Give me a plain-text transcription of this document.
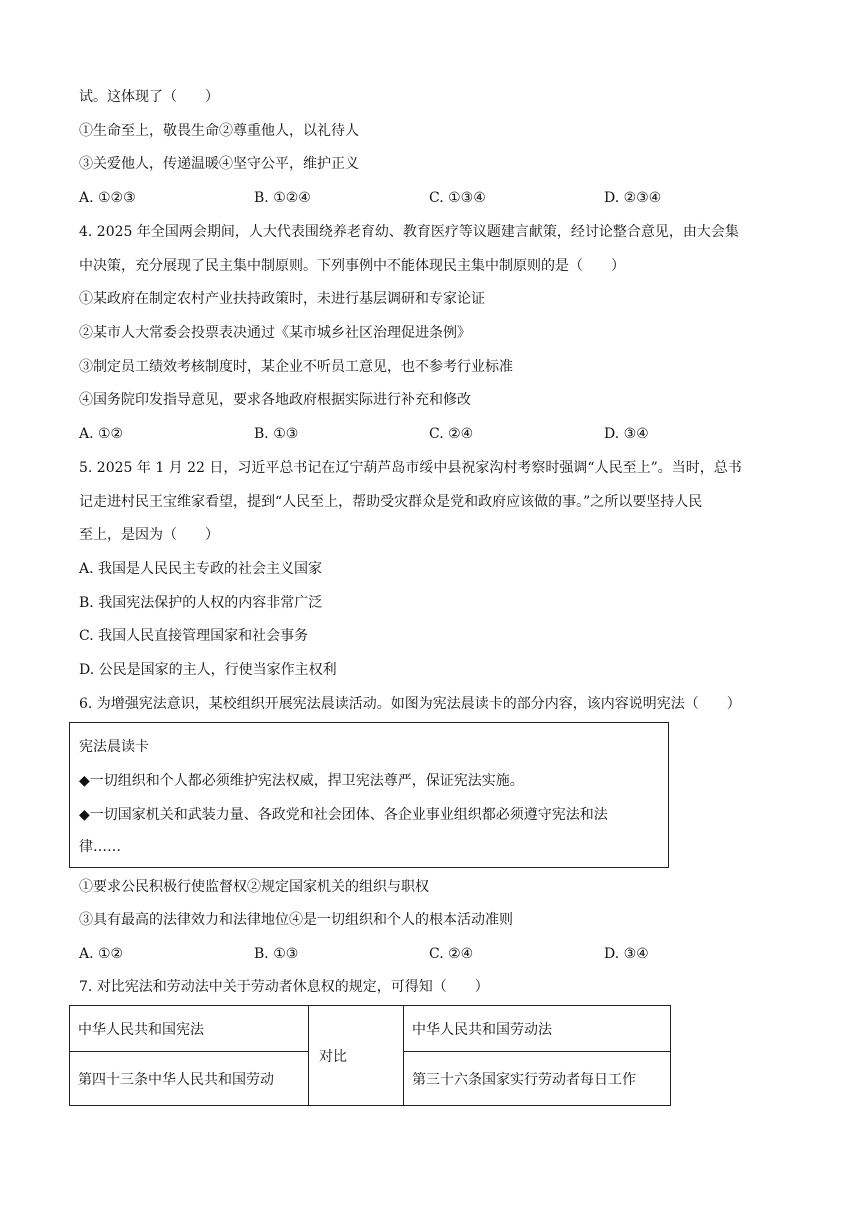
试。这体现了（　　）
①生命至上，敬畏生命②尊重他人，以礼待人
③关爱他人，传递温暖④坚守公平，维护正义
A. ①②③	B. ①②④	C. ①③④	D. ②③④
4. 2025 年全国两会期间，人大代表围绕养老育幼、教育医疗等议题建言献策，经讨论整合意见，由大会集
中决策，充分展现了民主集中制原则。下列事例中不能体现民主集中制原则的是（　　）
①某政府在制定农村产业扶持政策时，未进行基层调研和专家论证
②某市人大常委会投票表决通过《某市城乡社区治理促进条例》
③制定员工绩效考核制度时，某企业不听员工意见，也不参考行业标准
④国务院印发指导意见，要求各地政府根据实际进行补充和修改
A. ①②	B. ①③	C. ②④	D. ③④
5. 2025 年 1 月 22 日，习近平总书记在辽宁葫芦岛市绥中县祝家沟村考察时强调“人民至上”。当时，总书
记走进村民王宝维家看望，提到“人民至上，帮助受灾群众是党和政府应该做的事。”之所以要坚持人民
至上，是因为（　　）
A. 我国是人民民主专政的社会主义国家
B. 我国宪法保护的人权的内容非常广泛
C. 我国人民直接管理国家和社会事务
D. 公民是国家的主人，行使当家作主权利
6. 为增强宪法意识，某校组织开展宪法晨读活动。如图为宪法晨读卡的部分内容，该内容说明宪法（　　）
宪法晨读卡
◆一切组织和个人都必须维护宪法权威，捍卫宪法尊严，保证宪法实施。
◆一切国家机关和武装力量、各政党和社会团体、各企业事业组织都必须遵守宪法和法
律……
①要求公民积极行使监督权②规定国家机关的组织与职权
③具有最高的法律效力和法律地位④是一切组织和个人的根本活动准则
A. ①②	B. ①③	C. ②④	D. ③④
7. 对比宪法和劳动法中关于劳动者休息权的规定，可得知（　　）
中华人民共和国宪法	对比	中华人民共和国劳动法
第四十三条中华人民共和国劳动		第三十六条国家实行劳动者每日工作
